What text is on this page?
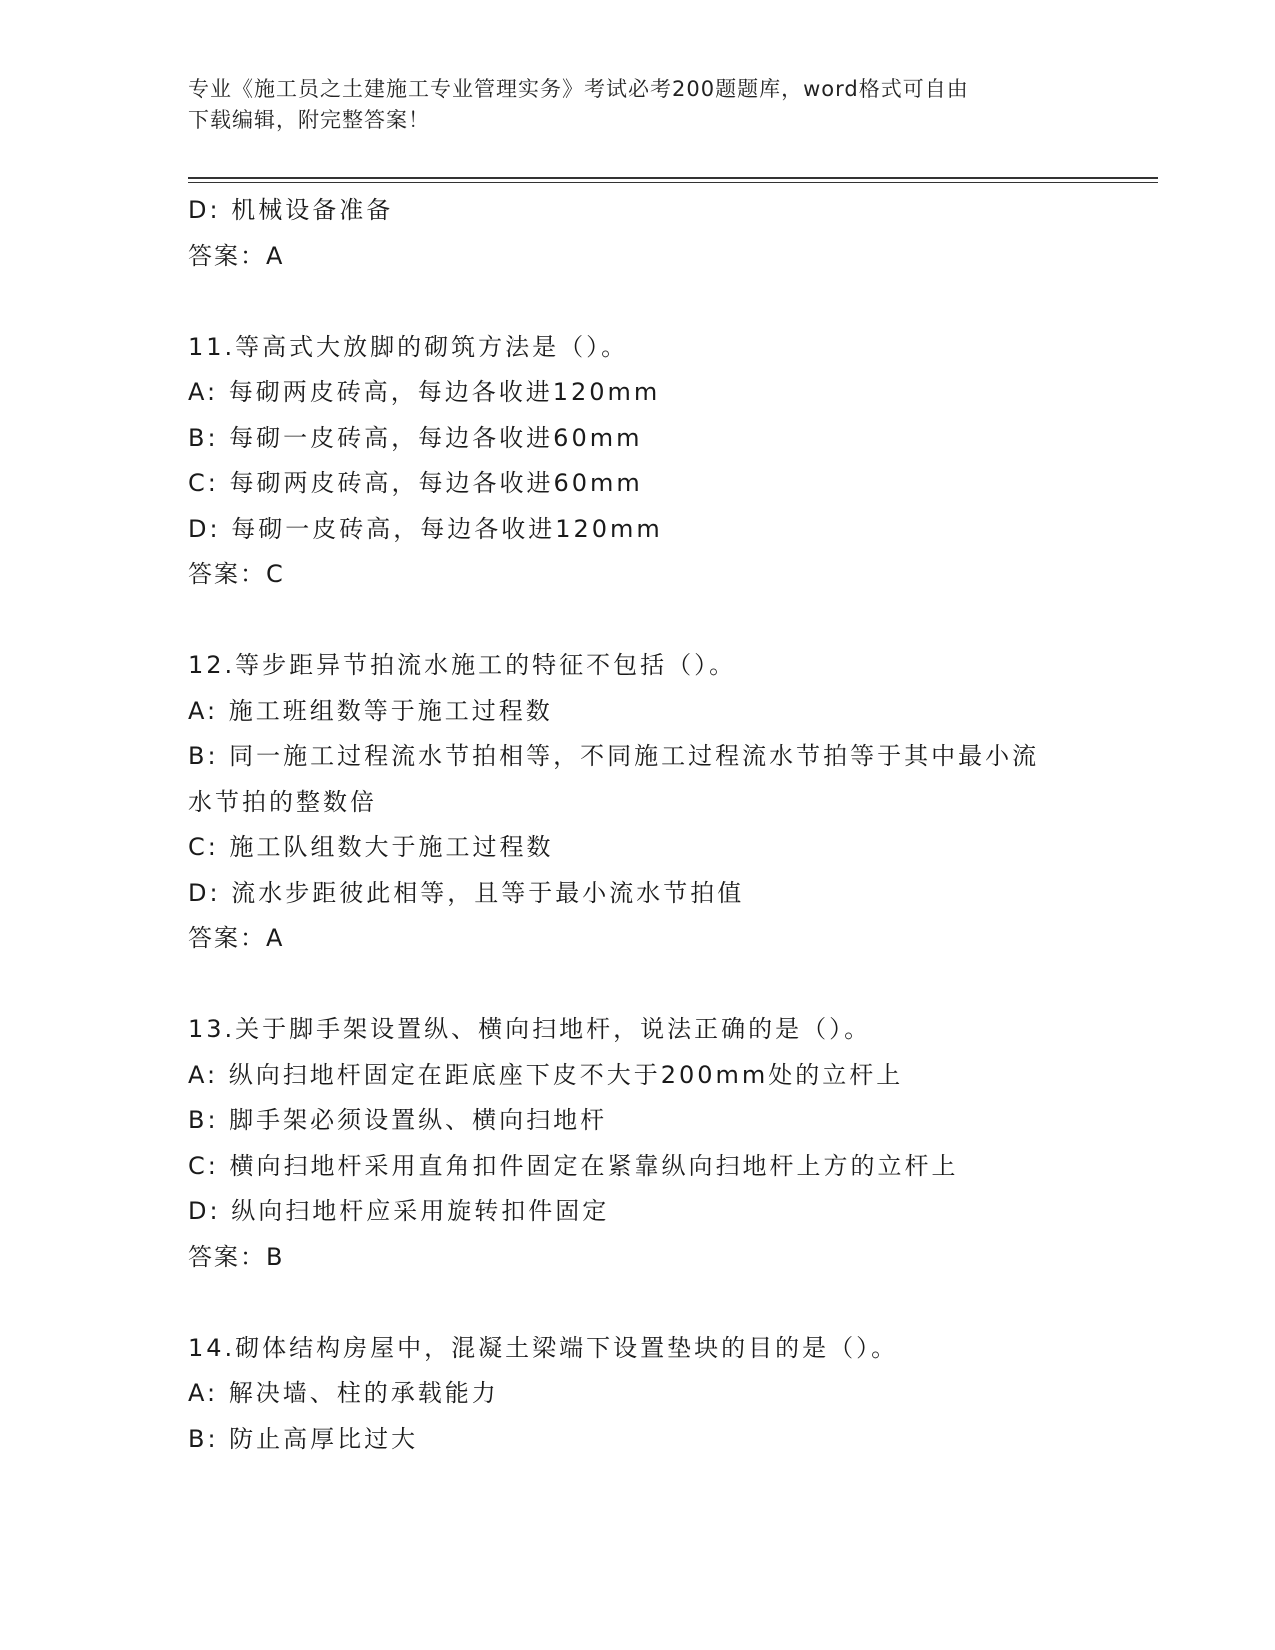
专业《施工员之土建施工专业管理实务》考试必考200题题库，word格式可自由
下载编辑，附完整答案！
D: 机械设备准备
答案：A
11.等高式大放脚的砌筑方法是（）。
A: 每砌两皮砖高，每边各收进120mm
B: 每砌一皮砖高，每边各收进60mm
C: 每砌两皮砖高，每边各收进60mm
D: 每砌一皮砖高，每边各收进120mm
答案：C
12.等步距异节拍流水施工的特征不包括（）。
A: 施工班组数等于施工过程数
B: 同一施工过程流水节拍相等，不同施工过程流水节拍等于其中最小流水节拍的整数倍
C: 施工队组数大于施工过程数
D: 流水步距彼此相等，且等于最小流水节拍值
答案：A
13.关于脚手架设置纵、横向扫地杆，说法正确的是（）。
A: 纵向扫地杆固定在距底座下皮不大于200mm处的立杆上
B: 脚手架必须设置纵、横向扫地杆
C: 横向扫地杆采用直角扣件固定在紧靠纵向扫地杆上方的立杆上
D: 纵向扫地杆应采用旋转扣件固定
答案：B
14.砌体结构房屋中，混凝土梁端下设置垫块的目的是（）。
A: 解决墙、柱的承载能力
B: 防止高厚比过大
